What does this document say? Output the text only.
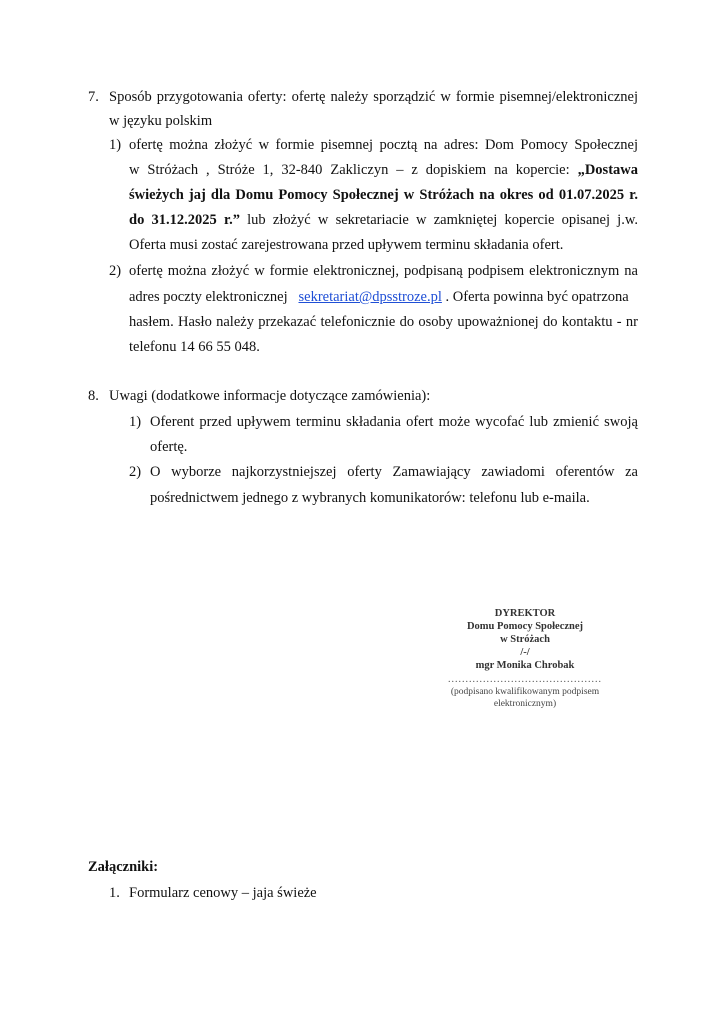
7. Sposób przygotowania oferty: ofertę należy sporządzić w formie pisemnej/elektronicznej
w języku polskim
1) ofertę można złożyć w formie pisemnej pocztą na adres: Dom Pomocy Społecznej
w Stróżach , Stróże 1, 32-840 Zakliczyn – z dopiskiem na kopercie: „Dostawa
świeżych jaj dla Domu Pomocy Społecznej w Stróżach na okres od 01.07.2025 r.
do 31.12.2025 r.” lub złożyć w sekretariacie w zamkniętej kopercie opisanej j.w.
Oferta musi zostać zarejestrowana przed upływem terminu składania ofert.
2) ofertę można złożyć w formie elektronicznej, podpisaną podpisem elektronicznym na
adres poczty elektronicznej sekretariat@dpsstroze.pl . Oferta powinna być opatrzona
hasłem. Hasło należy przekazać telefonicznie do osoby upoważnionej do kontaktu - nr
telefonu 14 66 55 048.
8. Uwagi (dodatkowe informacje dotyczące zamówienia):
1) Oferent przed upływem terminu składania ofert może wycofać lub zmienić swoją
ofertę.
2) O wyborze najkorzystniejszej oferty Zamawiający zawiadomi oferentów za
pośrednictwem jednego z wybranych komunikatorów: telefonu lub e-maila.
DYREKTOR
Domu Pomocy Społecznej
w Stróżach
/-/
mgr Monika Chrobak
............................................
(podpisano kwalifikowanym podpisem elektronicznym)
Załączniki:
1. Formularz cenowy – jaja świeże
